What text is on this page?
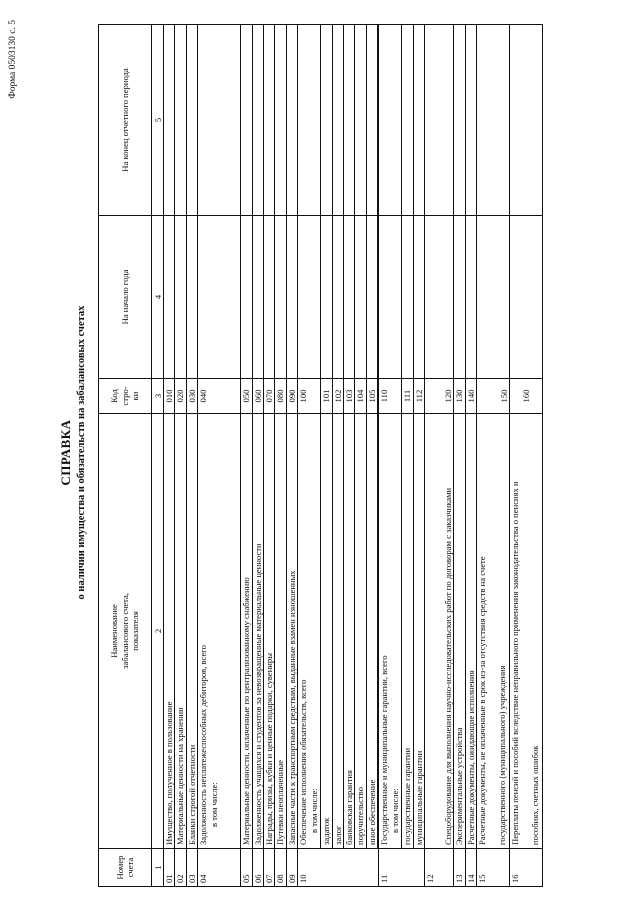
Форма 0503130 с. 5
СПРАВКА о наличии имущества и обязательств на забалансовых счетах
Номер счета	Наименование забалансового счета, показателя	Код стро- ки	На начало года	На конец отчетного периода
1	2	3	4	5
01	Имущество, полученное в пользование	010		
02	Материальные ценности на хранении	020		
03	Бланки строгой отчетности	030		
04	Задолженность неплатежеспособных дебиторов, всего в том числе:	040		
05	Материальные ценности, оплаченные по централизованному снабжению	050		
06	Задолженность учащихся и студентов за невозвращенные материальные ценности	060		
07	Награды, призы, кубки и ценные подарки, сувениры	070		
08	Путевки неоплаченные	080		
09	Запасные части к транспортным средствам, выданные взамен изношенных	090		
10	Обеспечение исполнения обязательств, всего в том числе:	100		
	задаток	101		
	залог	102		
	банковская гарантия	103		
	поручительство	104		
	иное обеспечение	105		

11	Государственные и муниципальные гарантии, всего в том числе:	110		
	государственные гарантии	111		
	муниципальные гарантии	112		
12	Спецоборудование для выполнения научно-исследовательских работ по договорам с заказчиками	120		
13	Экспериментальные устройства	130		
14	Расчетные документы, ожидающие исполнения	140		
15	Расчетные документы, не оплаченные в срок из-за отсутствия средств на счете государственного (муниципального) учреждения	150		
16	Переплаты пенсий и пособий вследствие неправильного применения законодательства о пенсиях и пособиях, счетных ошибок	160		
